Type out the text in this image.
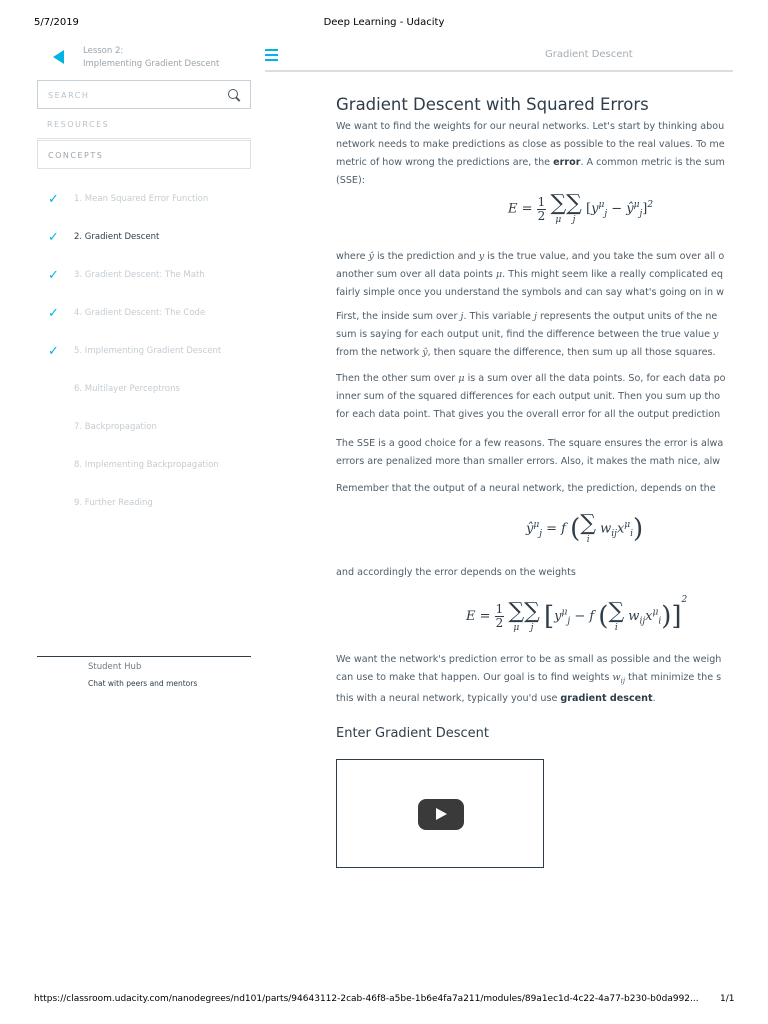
5/7/2019	Deep Learning - Udacity
Lesson 2:
Implementing Gradient Descent
SEARCH
RESOURCES
CONCEPTS
✓	1. Mean Squared Error Function
✓	2. Gradient Descent
✓	3. Gradient Descent: The Math
✓	4. Gradient Descent: The Code
✓	5. Implementing Gradient Descent
6. Multilayer Perceptrons
7. Backpropagation
8. Implementing Backpropagation
9. Further Reading
Student Hub
Chat with peers and mentors
Gradient Descent
Gradient Descent with Squared Errors
We want to find the weights for our neural networks. Let's start by thinking abou
network needs to make predictions as close as possible to the real values. To me
metric of how wrong the predictions are, the error. A common metric is the sum
(SSE):
$E = \frac{1}{2}$ ∑
μ
∑
j
[$y^\mu_j$ − $ŷ^\mu_j]^2$
where ŷ is the prediction and y is the true value, and you take the sum over all o
another sum over all data points μ. This might seem like a really complicated eq
fairly simple once you understand the symbols and can say what's going on in w
First, the inside sum over j. This variable j represents the output units of the ne
sum is saying for each output unit, find the difference between the true value y
from the network ŷ, then square the difference, then sum up all those squares.
Then the other sum over μ is a sum over all the data points. So, for each data po
inner sum of the squared differences for each output unit. Then you sum up tho
for each data point. That gives you the overall error for all the output prediction
The SSE is a good choice for a few reasons. The square ensures the error is alwa
errors are penalized more than smaller errors. Also, it makes the math nice, alw
Remember that the output of a neural network, the prediction, depends on the
$ŷ^\mu_j = f$ (∑
i
$w_{ij}x^\mu_i$)
and accordingly the error depends on the weights
$E = \frac{1}{2}$ ∑
μ
∑
j [$y^\mu_j - f$ (∑
i
$w_{ij}x^\mu_i)]^2$
We want the network's prediction error to be as small as possible and the weigh
can use to make that happen. Our goal is to find weights $w_{ij}$ that minimize the s
this with a neural network, typically you'd use gradient descent.
Enter Gradient Descent
https://classroom.udacity.com/nanodegrees/nd101/parts/94643112-2cab-46f8-a5be-1b6e4fa7a211/modules/89a1ec1d-4c22-4a77-b230-b0da992...	1/1
